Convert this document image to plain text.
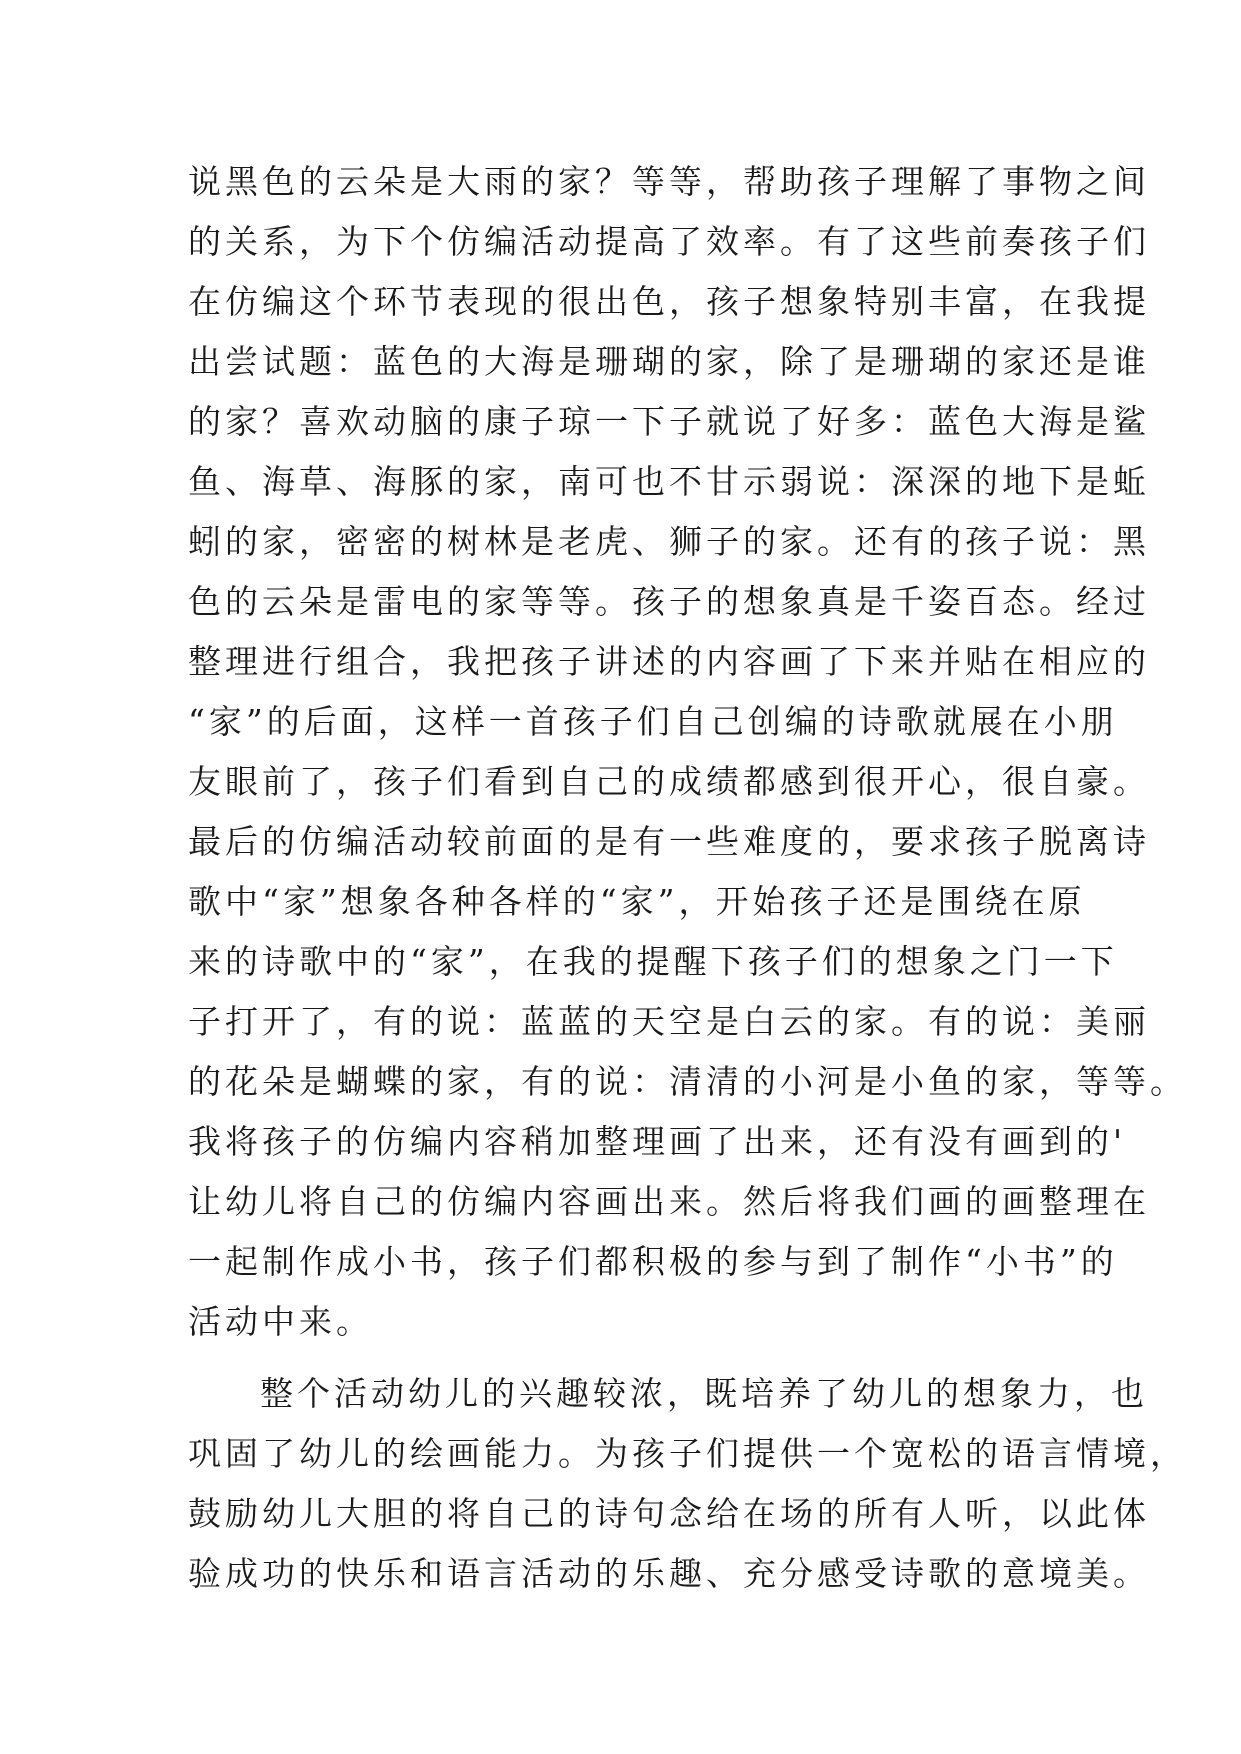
说黑色的云朵是大雨的家？等等，帮助孩子理解了事物之间
的关系，为下个仿编活动提高了效率。有了这些前奏孩子们
在仿编这个环节表现的很出色，孩子想象特别丰富，在我提
出尝试题：蓝色的大海是珊瑚的家，除了是珊瑚的家还是谁
的家？喜欢动脑的康子琼一下子就说了好多：蓝色大海是鲨
鱼、海草、海豚的家，南可也不甘示弱说：深深的地下是蚯
蚓的家，密密的树林是老虎、狮子的家。还有的孩子说：黑
色的云朵是雷电的家等等。孩子的想象真是千姿百态。经过
整理进行组合，我把孩子讲述的内容画了下来并贴在相应的
“家”的后面，这样一首孩子们自己创编的诗歌就展在小朋
友眼前了，孩子们看到自己的成绩都感到很开心，很自豪。
最后的仿编活动较前面的是有一些难度的，要求孩子脱离诗
歌中“家”想象各种各样的“家”，开始孩子还是围绕在原
来的诗歌中的“家”，在我的提醒下孩子们的想象之门一下
子打开了，有的说：蓝蓝的天空是白云的家。有的说：美丽
的花朵是蝴蝶的家，有的说：清清的小河是小鱼的家，等等。
我将孩子的仿编内容稍加整理画了出来，还有没有画到的'
让幼儿将自己的仿编内容画出来。然后将我们画的画整理在
一起制作成小书，孩子们都积极的参与到了制作“小书”的
活动中来。
整个活动幼儿的兴趣较浓，既培养了幼儿的想象力，也
巩固了幼儿的绘画能力。为孩子们提供一个宽松的语言情境，
鼓励幼儿大胆的将自己的诗句念给在场的所有人听，以此体
验成功的快乐和语言活动的乐趣、充分感受诗歌的意境美。
